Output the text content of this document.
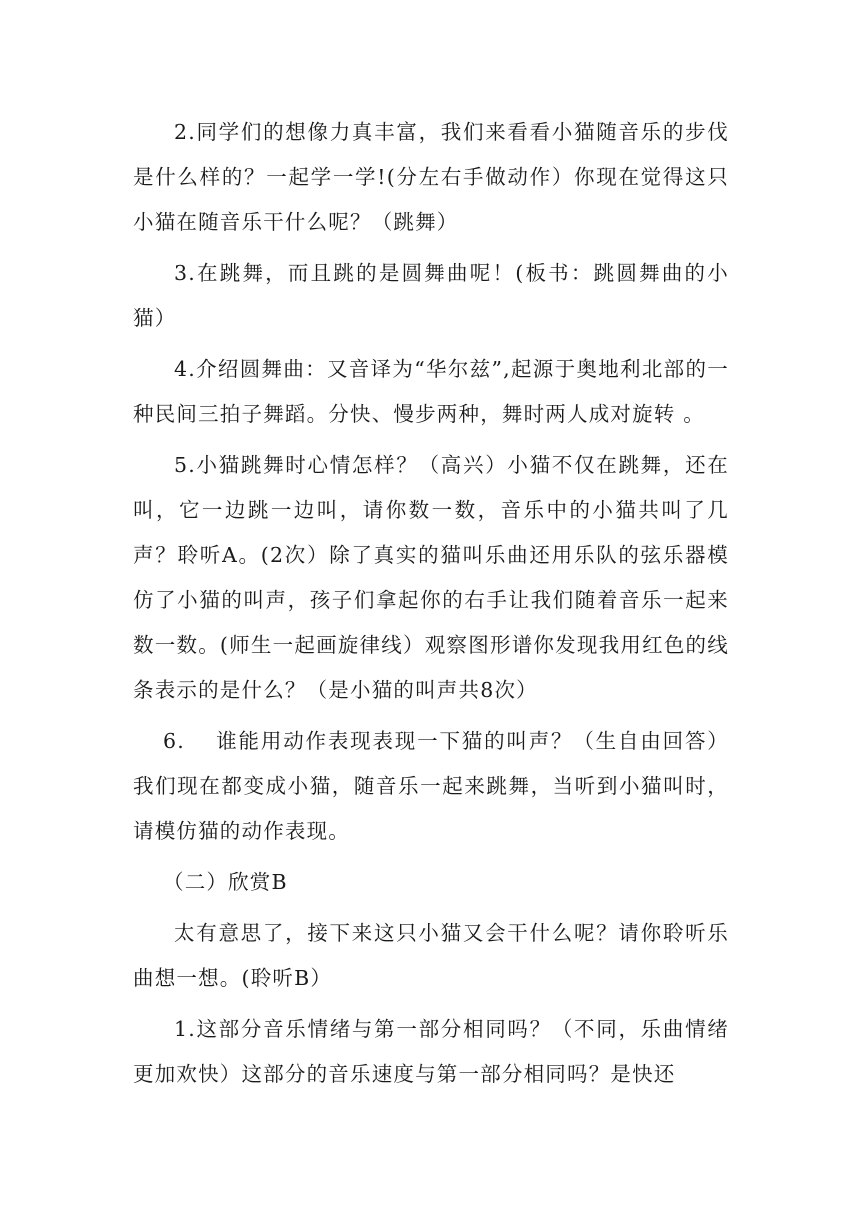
2.同学们的想像力真丰富，我们来看看小猫随音乐的步伐是什么样的？一起学一学!(分左右手做动作）你现在觉得这只小猫在随音乐干什么呢？（跳舞）

3.在跳舞，而且跳的是圆舞曲呢！(板书：跳圆舞曲的小猫）

4.介绍圆舞曲：又音译为“华尔兹”,起源于奥地利北部的一种民间三拍子舞蹈。分快、慢步两种，舞时两人成对旋转 。

5.小猫跳舞时心情怎样？（高兴）小猫不仅在跳舞，还在叫，它一边跳一边叫，请你数一数，音乐中的小猫共叫了几声？聆听A。(2次）除了真实的猫叫乐曲还用乐队的弦乐器模仿了小猫的叫声，孩子们拿起你的右手让我们随着音乐一起来数一数。(师生一起画旋律线）观察图形谱你发现我用红色的线条表示的是什么？（是小猫的叫声共8次）

6.　 谁能用动作表现表现一下猫的叫声？（生自由回答）我们现在都变成小猫，随音乐一起来跳舞，当听到小猫叫时，请模仿猫的动作表现。

（二）欣赏B

太有意思了，接下来这只小猫又会干什么呢？请你聆听乐曲想一想。(聆听B）

1.这部分音乐情绪与第一部分相同吗？（不同，乐曲情绪更加欢快）这部分的音乐速度与第一部分相同吗？是快还
